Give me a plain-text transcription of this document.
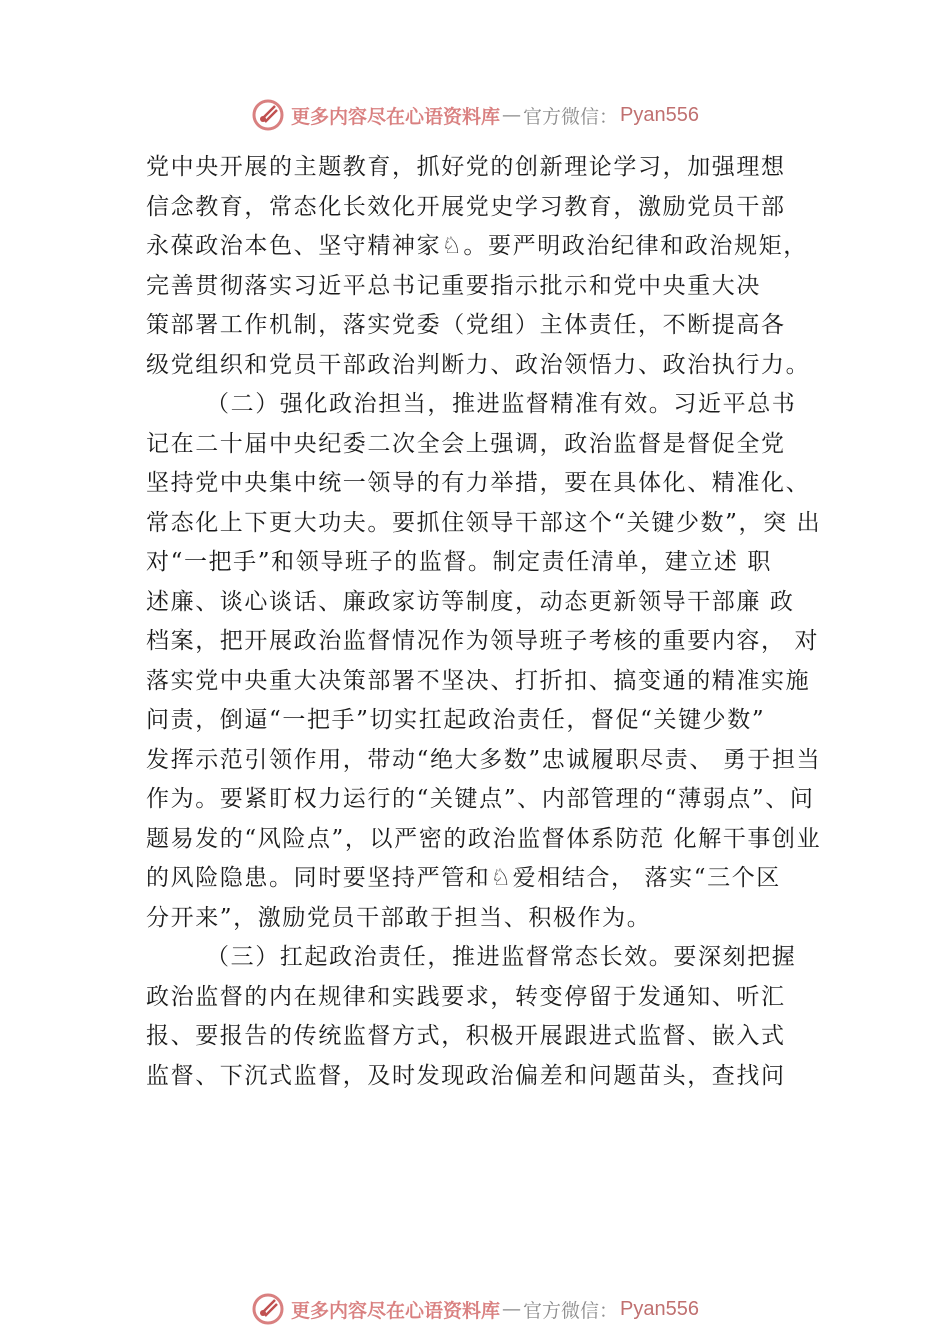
更多内容尽在心语资料库 — 官方微信： Pyan556
党中央开展的主题教育，抓好党的创新理论学习，加强理想
信念教育，常态化长效化开展党史学习教育，激励党员干部
永葆政治本色、坚守精神家♘。要严明政治纪律和政治规矩，
完善贯彻落实习近平总书记重要指示批示和党中央重大决
策部署工作机制，落实党委（党组）主体责任，不断提高各
级党组织和党员干部政治判断力、政治领悟力、政治执行力。
（二）强化政治担当，推进监督精准有效。习近平总书
记在二十届中央纪委二次全会上强调，政治监督是督促全党
坚持党中央集中统一领导的有力举措，要在具体化、精准化、
常态化上下更大功夫。要抓住领导干部这个“关键少数”，突 出
对“一把手”和领导班子的监督。制定责任清单，建立述 职
述廉、谈心谈话、廉政家访等制度，动态更新领导干部廉 政
档案，把开展政治监督情况作为领导班子考核的重要内容， 对
落实党中央重大决策部署不坚决、打折扣、搞变通的精准实施
问责，倒逼“一把手”切实扛起政治责任，督促“关键少数”
发挥示范引领作用，带动“绝大多数”忠诚履职尽责、 勇于担当
作为。要紧盯权力运行的“关键点”、内部管理的“薄弱点”、问
题易发的“风险点”，以严密的政治监督体系防范 化解干事创业
的风险隐患。同时要坚持严管和♘爱相结合， 落实“三个区
分开来”，激励党员干部敢于担当、积极作为。
（三）扛起政治责任，推进监督常态长效。要深刻把握
政治监督的内在规律和实践要求，转变停留于发通知、听汇
报、要报告的传统监督方式，积极开展跟进式监督、嵌入式
监督、下沉式监督，及时发现政治偏差和问题苗头，查找问
更多内容尽在心语资料库 — 官方微信： Pyan556
